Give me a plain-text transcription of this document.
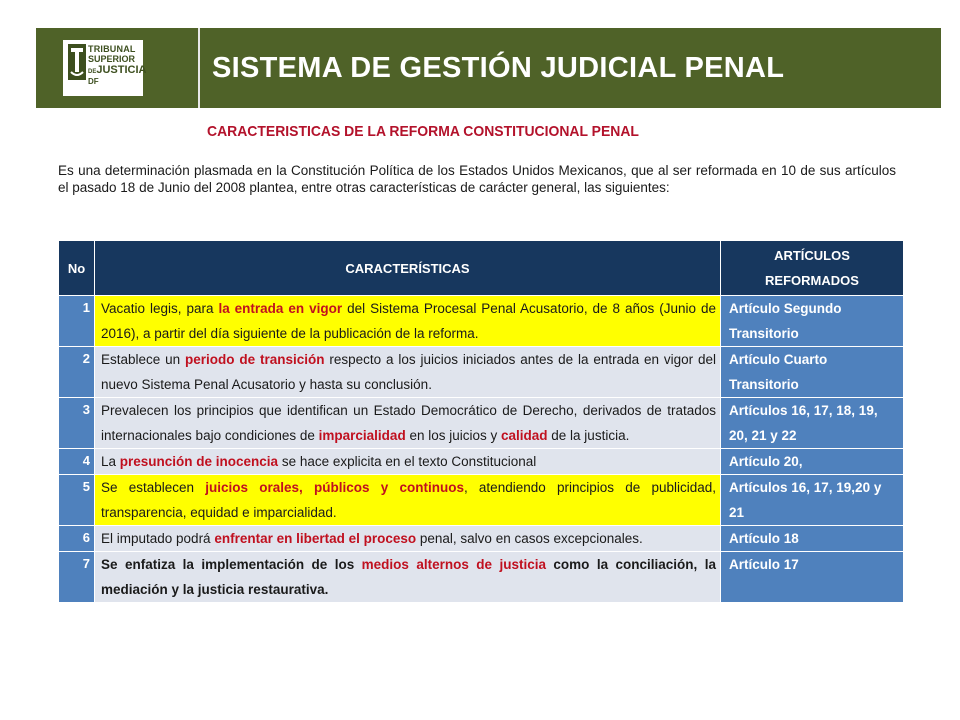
TRIBUNAL
SUPERIOR
DEJUSTICIA
DF	SISTEMA DE GESTIÓN JUDICIAL PENAL
CARACTERISTICAS DE LA REFORMA CONSTITUCIONAL PENAL
Es una determinación plasmada en la Constitución Política de los Estados Unidos Mexicanos, que al ser reformada en 10 de sus artículos el pasado 18 de Junio del 2008 plantea, entre otras características de carácter general, las siguientes:
No	CARACTERÍSTICAS	ARTÍCULOS
REFORMADOS

1	Vacatio legis, para la entrada en vigor del Sistema Procesal Penal Acusatorio, de 8 años (Junio de 2016), a partir del día siguiente de la publicación de la reforma.	Artículo Segundo Transitorio
2	Establece un periodo de transición respecto a los juicios iniciados antes de la entrada en vigor del nuevo Sistema Penal Acusatorio y hasta su conclusión.	Artículo Cuarto Transitorio
3	Prevalecen los principios que identifican un Estado Democrático de Derecho, derivados de tratados internacionales bajo condiciones de imparcialidad en los juicios y calidad de la justicia.	Artículos 16, 17, 18, 19, 20, 21 y 22
4	La presunción de inocencia se hace explicita en el texto Constitucional	Artículo 20,
5	Se establecen juicios orales, públicos y continuos, atendiendo principios de publicidad, transparencia, equidad e imparcialidad.	Artículos 16, 17, 19,20 y 21
6	El imputado podrá enfrentar en libertad el proceso penal, salvo en casos excepcionales.	Artículo 18
7	Se enfatiza la implementación de los medios alternos de justicia como la conciliación, la mediación y la justicia restaurativa.	Artículo 17
